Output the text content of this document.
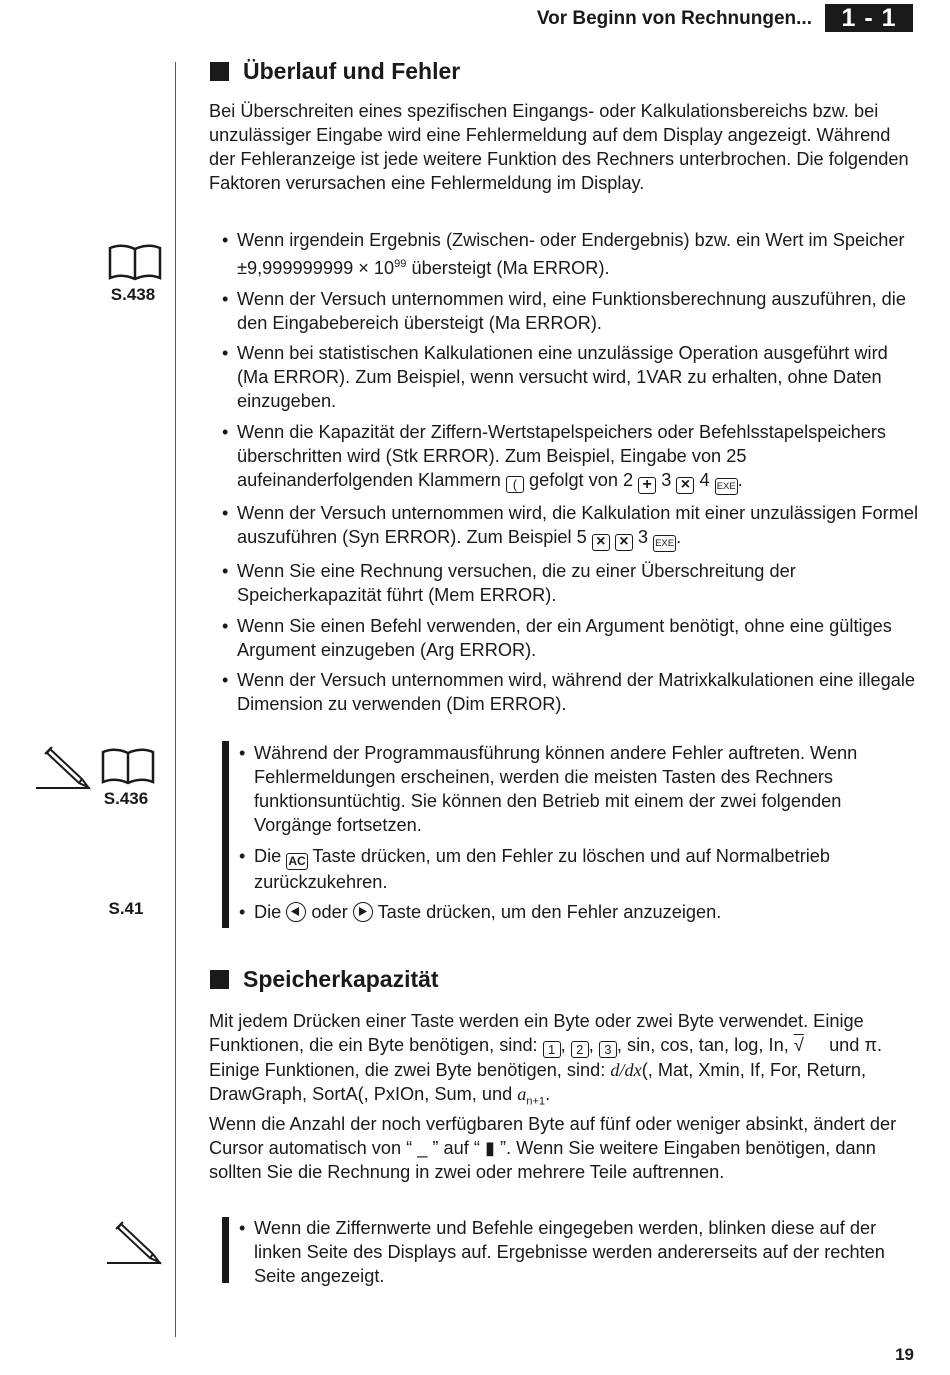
Vor Beginn von Rechnungen...	1 - 1
Überlauf und Fehler

Bei Überschreiten eines spezifischen Eingangs- oder Kalkulationsbereichs bzw. bei unzulässiger Eingabe wird eine Fehlermeldung auf dem Display angezeigt. Während der Fehleranzeige ist jede weitere Funktion des Rechners unterbrochen. Die folgenden Faktoren verursachen eine Fehlermeldung im Display.

S.438
• Wenn irgendein Ergebnis (Zwischen- oder Endergebnis) bzw. ein Wert im Speicher $\pm 9,999999999 \times 10^{99}$ übersteigt (Ma ERROR).
• Wenn der Versuch unternommen wird, eine Funktionsberechnung auszuführen, die den Eingabebereich übersteigt (Ma ERROR).
• Wenn bei statistischen Kalkulationen eine unzulässige Operation ausgeführt wird (Ma ERROR). Zum Beispiel, wenn versucht wird, 1VAR zu erhalten, ohne Daten einzugeben.
• Wenn die Kapazität der Ziffern-Wertstapelspeichers oder Befehlsstapelspeichers überschritten wird (Stk ERROR). Zum Beispiel, Eingabe von 25 aufeinanderfolgenden Klammern ( gefolgt von 2 + 3 × 4 EXE .
• Wenn der Versuch unternommen wird, die Kalkulation mit einer unzulässigen Formel auszuführen (Syn ERROR). Zum Beispiel 5 × × 3 EXE .
• Wenn Sie eine Rechnung versuchen, die zu einer Überschreitung der Speicherkapazität führt (Mem ERROR).
• Wenn Sie einen Befehl verwenden, der ein Argument benötigt, ohne eine gültiges Argument einzugeben (Arg ERROR).
• Wenn der Versuch unternommen wird, während der Matrixkalkulationen eine illegale Dimension zu verwenden (Dim ERROR).
S.436
S.41
• Während der Programmausführung können andere Fehler auftreten. Wenn Fehlermeldungen erscheinen, werden die meisten Tasten des Rechners funktionsuntüchtig. Sie können den Betrieb mit einem der zwei folgenden Vorgänge fortsetzen.
• Die AC Taste drücken, um den Fehler zu löschen und auf Normalbetrieb zurückzukehren.
• Die
oder
Taste drücken, um den Fehler anzuzeigen.
Speicherkapazität

Mit jedem Drücken einer Taste werden ein Byte oder zwei Byte verwendet. Einige Funktionen, die ein Byte benötigen, sind: 1 , 2 , 3 , sin, cos, tan, log, In, √     und π. Einige Funktionen, die zwei Byte benötigen, sind: d/dx(, Mat, Xmin, If, For, Return, DrawGraph, SortA(, PxIOn, Sum, und $a_{n+1}$.

Wenn die Anzahl der noch verfügbaren Byte auf fünf oder weniger absinkt, ändert der Cursor automatisch von “ _ ” auf “ ▮ ”. Wenn Sie weitere Eingaben benötigen, dann sollten Sie die Rechnung in zwei oder mehrere Teile auftrennen.

• Wenn die Ziffernwerte und Befehle eingegeben werden, blinken diese auf der linken Seite des Displays auf. Ergebnisse werden andererseits auf der rechten Seite angezeigt.
19
